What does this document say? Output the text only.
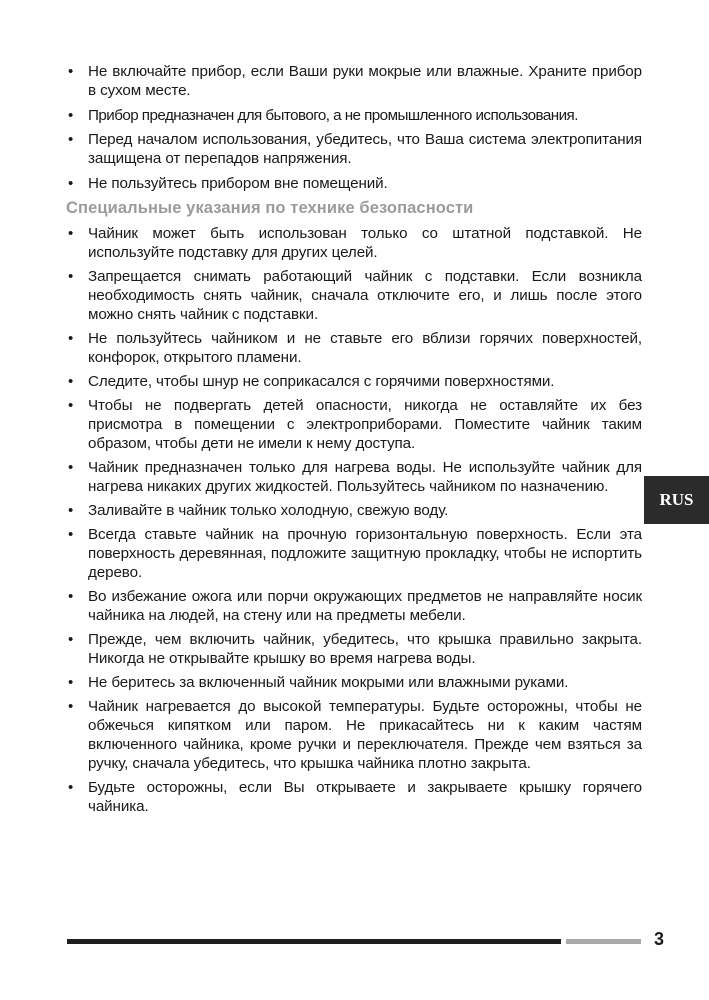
• Не включайте прибор, если Ваши руки мокрые или влажные. Храните прибор в сухом месте.
• Прибор предназначен для бытового, а не промышленного использования.
• Перед началом использования, убедитесь, что Ваша система электропитания защищена от перепадов напряжения.
• Не пользуйтесь прибором вне помещений.
Специальные указания по технике безопасности
• Чайник может быть использован только со штатной подставкой. Не используйте подставку для других целей.
• Запрещается снимать работающий чайник с подставки. Если возникла необходимость снять чайник, сначала отключите его, и лишь после этого можно снять чайник с подставки.
• Не пользуйтесь чайником и не ставьте его вблизи горячих поверхностей, конфорок, открытого пламени.
• Следите, чтобы шнур не соприкасался с горячими поверхностями.
• Чтобы не подвергать детей опасности, никогда не оставляйте их без присмотра в помещении с электроприборами. Поместите чайник таким образом, чтобы дети не имели к нему доступа.
• Чайник предназначен только для нагрева воды. Не используйте чайник для нагрева никаких других жидкостей. Пользуйтесь чайником по назначению.
• Заливайте в чайник только холодную, свежую воду.
• Всегда ставьте чайник на прочную горизонтальную поверхность. Если эта поверхность деревянная, подложите защитную прокладку, чтобы не испортить дерево.
• Во избежание ожога или порчи окружающих предметов не направляйте носик чайника на людей, на стену или на предметы мебели.
• Прежде, чем включить чайник, убедитесь, что крышка правильно закрыта. Никогда не открывайте крышку во время нагрева воды.
• Не беритесь за включенный чайник мокрыми или влажными руками.
• Чайник нагревается до высокой температуры. Будьте осторожны, чтобы не обжечься кипятком или паром. Не прикасайтесь ни к каким частям включенного чайника, кроме ручки и переключателя. Прежде чем взяться за ручку, сначала убедитесь, что крышка чайника плотно закрыта.
• Будьте осторожны, если Вы открываете и закрываете крышку горячего чайника.
RUS
3
